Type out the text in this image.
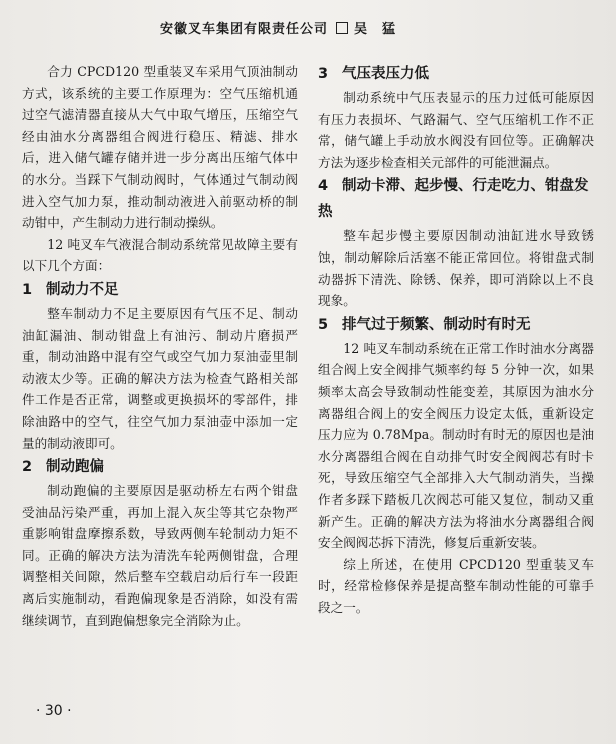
安徽叉车集团有限责任公司 吴　猛

合力 CPCD120 型重装叉车采用气顶油制动方式，该系统的主要工作原理为：空气压缩机通过空气滤清器直接从大气中取气增压，压缩空气经由油水分离器组合阀进行稳压、精滤、排水后，进入储气罐存储并进一步分离出压缩气体中的水分。当踩下气制动阀时，气体通过气制动阀进入空气加力泵，推动制动液进入前驱动桥的制动钳中，产生制动力进行制动操纵。

12 吨叉车气液混合制动系统常见故障主要有以下几个方面：

1 制动力不足

整车制动力不足主要原因有气压不足、制动油缸漏油、制动钳盘上有油污、制动片磨损严重，制动油路中混有空气或空气加力泵油壶里制动液太少等。正确的解决方法为检查气路相关部件工作是否正常，调整或更换损坏的零部件，排除油路中的空气，往空气加力泵油壶中添加一定量的制动液即可。

2 制动跑偏

制动跑偏的主要原因是驱动桥左右两个钳盘受油品污染严重，再加上混入灰尘等其它杂物严重影响钳盘摩擦系数，导致两侧车轮制动力矩不同。正确的解决方法为清洗车轮两侧钳盘，合理调整相关间隙，然后整车空载启动后行车一段距离后实施制动，看跑偏现象是否消除，如没有需继续调节，直到跑偏想象完全消除为止。

3 气压表压力低

制动系统中气压表显示的压力过低可能原因有压力表损坏、气路漏气、空气压缩机工作不正常，储气罐上手动放水阀没有回位等。正确解决方法为逐步检查相关元部件的可能泄漏点。

4 制动卡滞、起步慢、行走吃力、钳盘发热

整车起步慢主要原因制动油缸进水导致锈蚀，制动解除后活塞不能正常回位。将钳盘式制动器拆下清洗、除锈、保养，即可消除以上不良现象。

5 排气过于频繁、制动时有时无

12 吨叉车制动系统在正常工作时油水分离器组合阀上安全阀排气频率约每 5 分钟一次，如果频率太高会导致制动性能变差，其原因为油水分离器组合阀上的安全阀压力设定太低，重新设定压力应为 0.78Mpa。制动时有时无的原因也是油水分离器组合阀在自动排气时安全阀阀芯有时卡死，导致压缩空气全部排入大气制动消失，当操作者多踩下踏板几次阀芯可能又复位，制动又重新产生。正确的解决方法为将油水分离器组合阀安全阀阀芯拆下清洗，修复后重新安装。

综上所述，在使用 CPCD120 型重装叉车时，经常检修保养是提高整车制动性能的可靠手段之一。

· 30 ·
